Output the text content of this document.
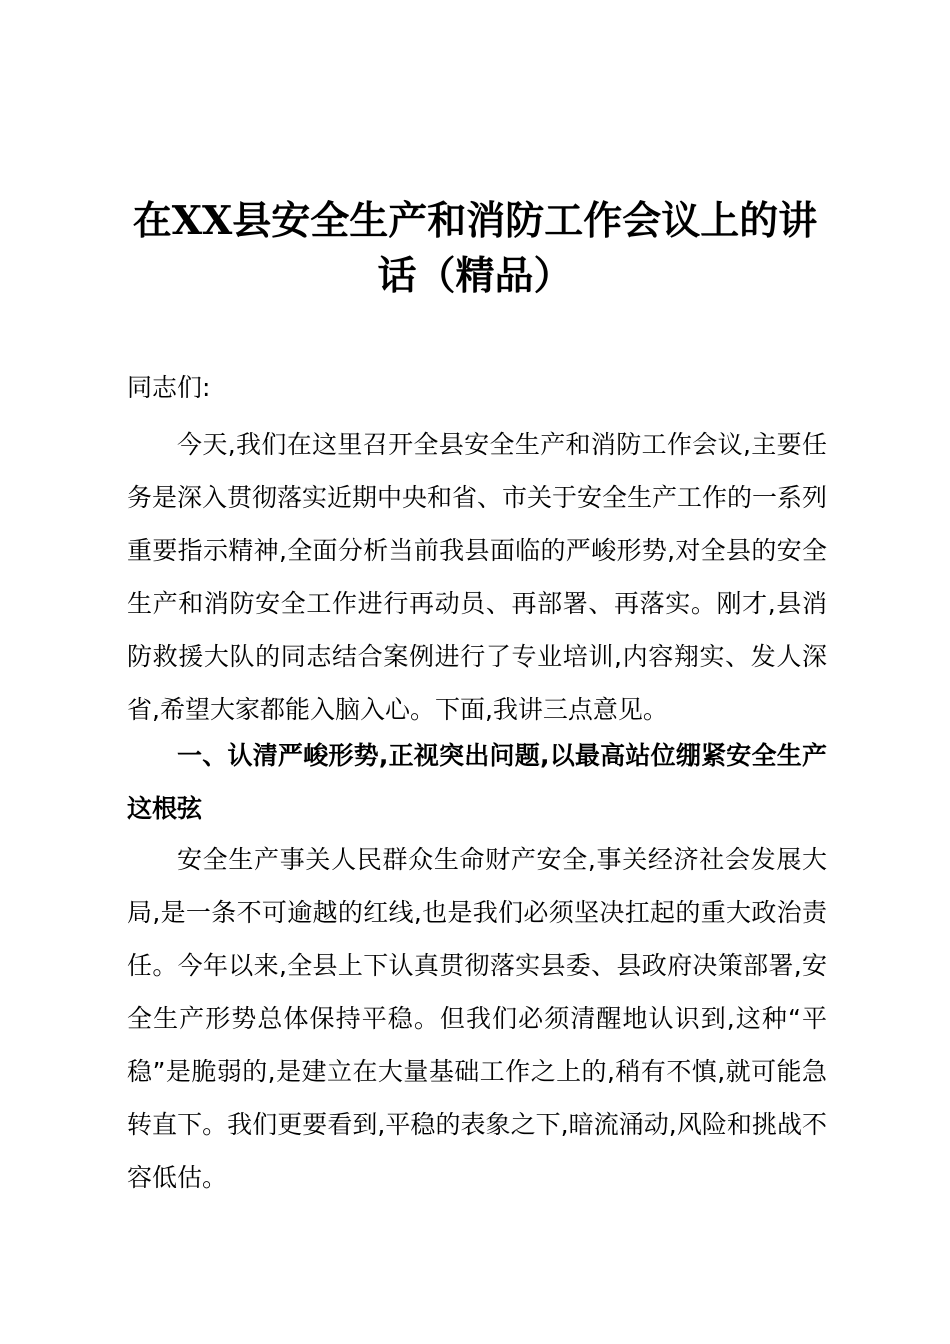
在XX县安全生产和消防工作会议上的讲话（精品）

同志们:

今天,我们在这里召开全县安全生产和消防工作会议,主要任务是深入贯彻落实近期中央和省、市关于安全生产工作的一系列重要指示精神,全面分析当前我县面临的严峻形势,对全县的安全生产和消防安全工作进行再动员、再部署、再落实。刚才,县消防救援大队的同志结合案例进行了专业培训,内容翔实、发人深省,希望大家都能入脑入心。下面,我讲三点意见。

一、认清严峻形势,正视突出问题,以最高站位绷紧安全生产这根弦

安全生产事关人民群众生命财产安全,事关经济社会发展大局,是一条不可逾越的红线,也是我们必须坚决扛起的重大政治责任。今年以来,全县上下认真贯彻落实县委、县政府决策部署,安全生产形势总体保持平稳。但我们必须清醒地认识到,这种“平稳”是脆弱的,是建立在大量基础工作之上的,稍有不慎,就可能急转直下。我们更要看到,平稳的表象之下,暗流涌动,风险和挑战不容低估。
